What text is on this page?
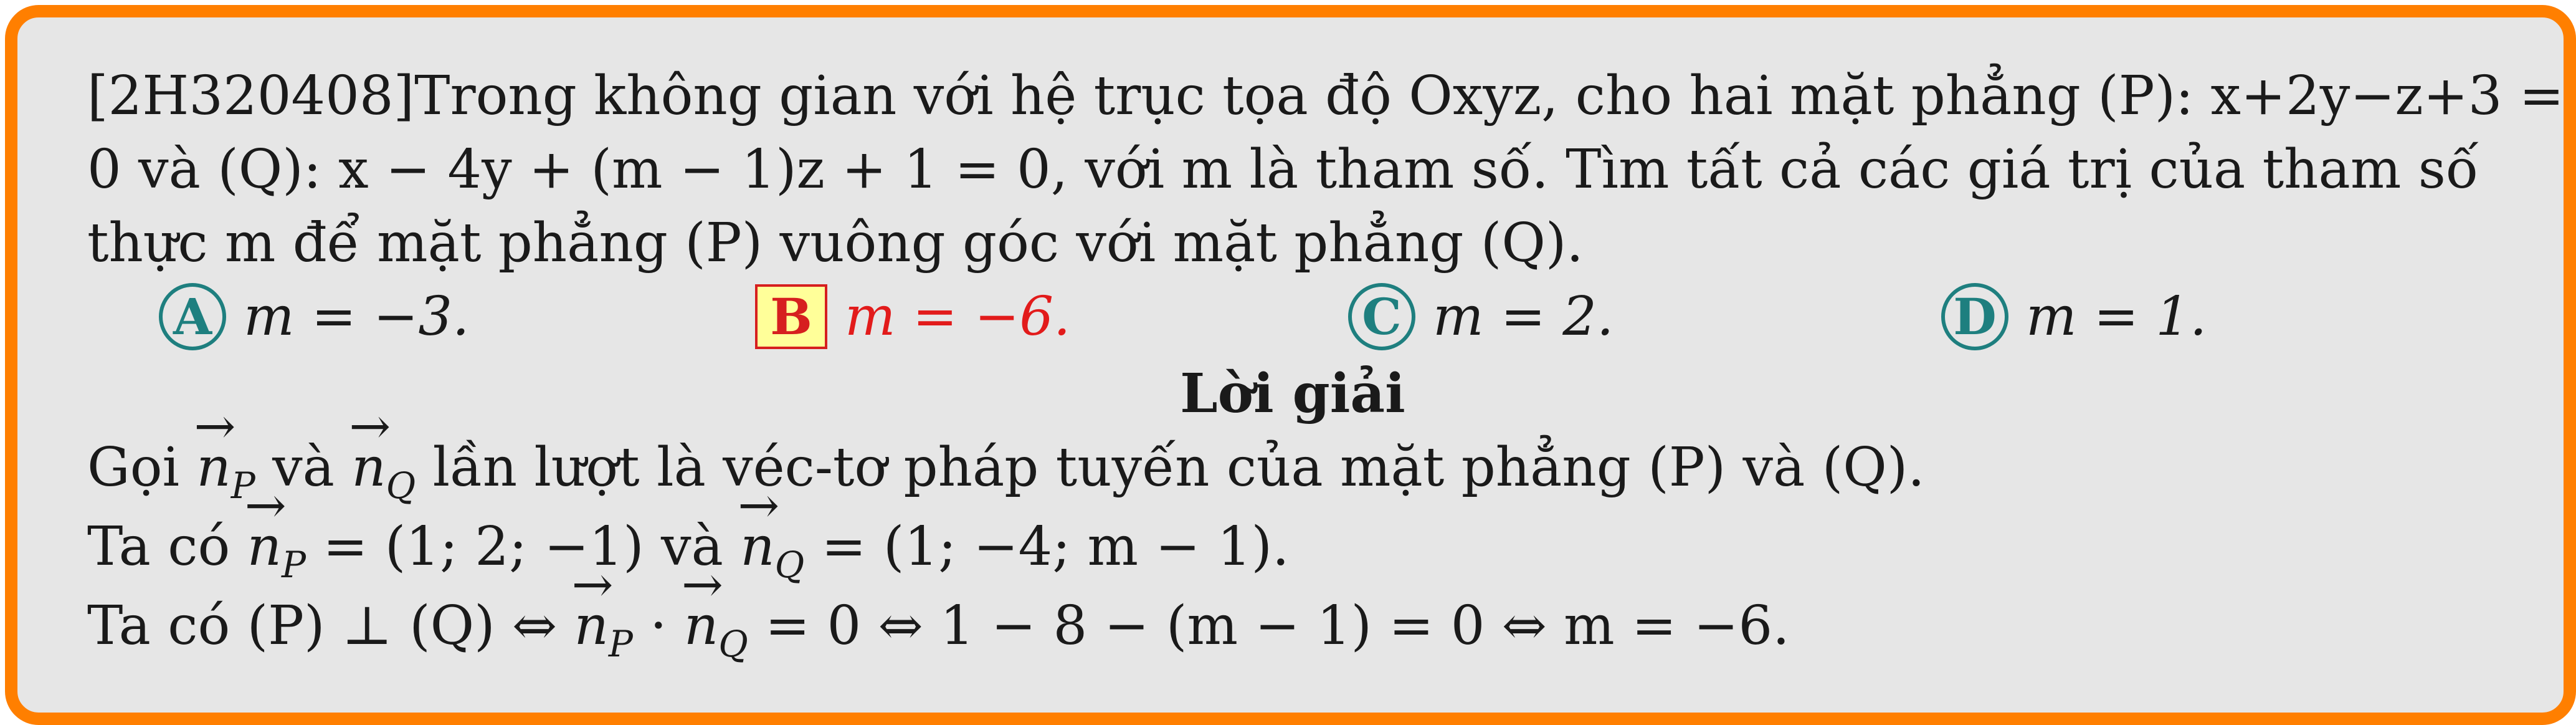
[2H320408]Trong không gian với hệ trục tọa độ Oxyz, cho hai mặt phẳng (P): x+2y−z+3 =
0 và (Q): x − 4y + (m − 1)z + 1 = 0, với m là tham số. Tìm tất cả các giá trị của tham số
thực m để mặt phẳng (P) vuông góc với mặt phẳng (Q).
A m = −3.	B m = −6.	C m = 2.	D m = 1.
Lời giải
Gọi → $n_P$ và → $n_Q$ lần lượt là véc-tơ pháp tuyến của mặt phẳng (P) và (Q).
Ta có → $n_P = (1$; 2; −1) và → $n_Q = (1$; −4; m − 1).
Ta có (P) ⊥ (Q) ⇔ → $n_P$ · → $n_Q = 0$ ⇔ 1 − 8 − (m − 1) = 0 ⇔ m = −6.
